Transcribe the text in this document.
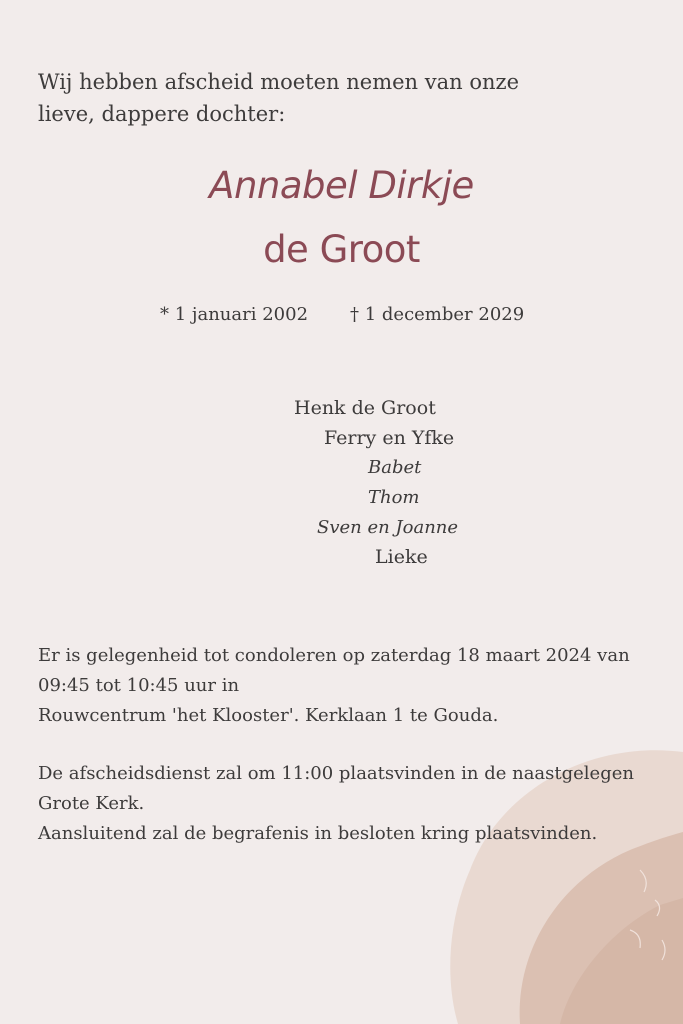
Wij hebben afscheid moeten nemen van onze
lieve, dappere dochter:
Annabel Dirkje
de Groot
* 1 januari 2002 † 1 december 2029
Henk de Groot
Ferry en Yfke
Babet
Thom
Sven en Joanne
Lieke
Er is gelegenheid tot condoleren op zaterdag 18 maart 2024 van
09:45 tot 10:45 uur in
Rouwcentrum 'het Klooster'. Kerklaan 1 te Gouda.
De afscheidsdienst zal om 11:00 plaatsvinden in de naastgelegen
Grote Kerk.
Aansluitend zal de begrafenis in besloten kring plaatsvinden.
